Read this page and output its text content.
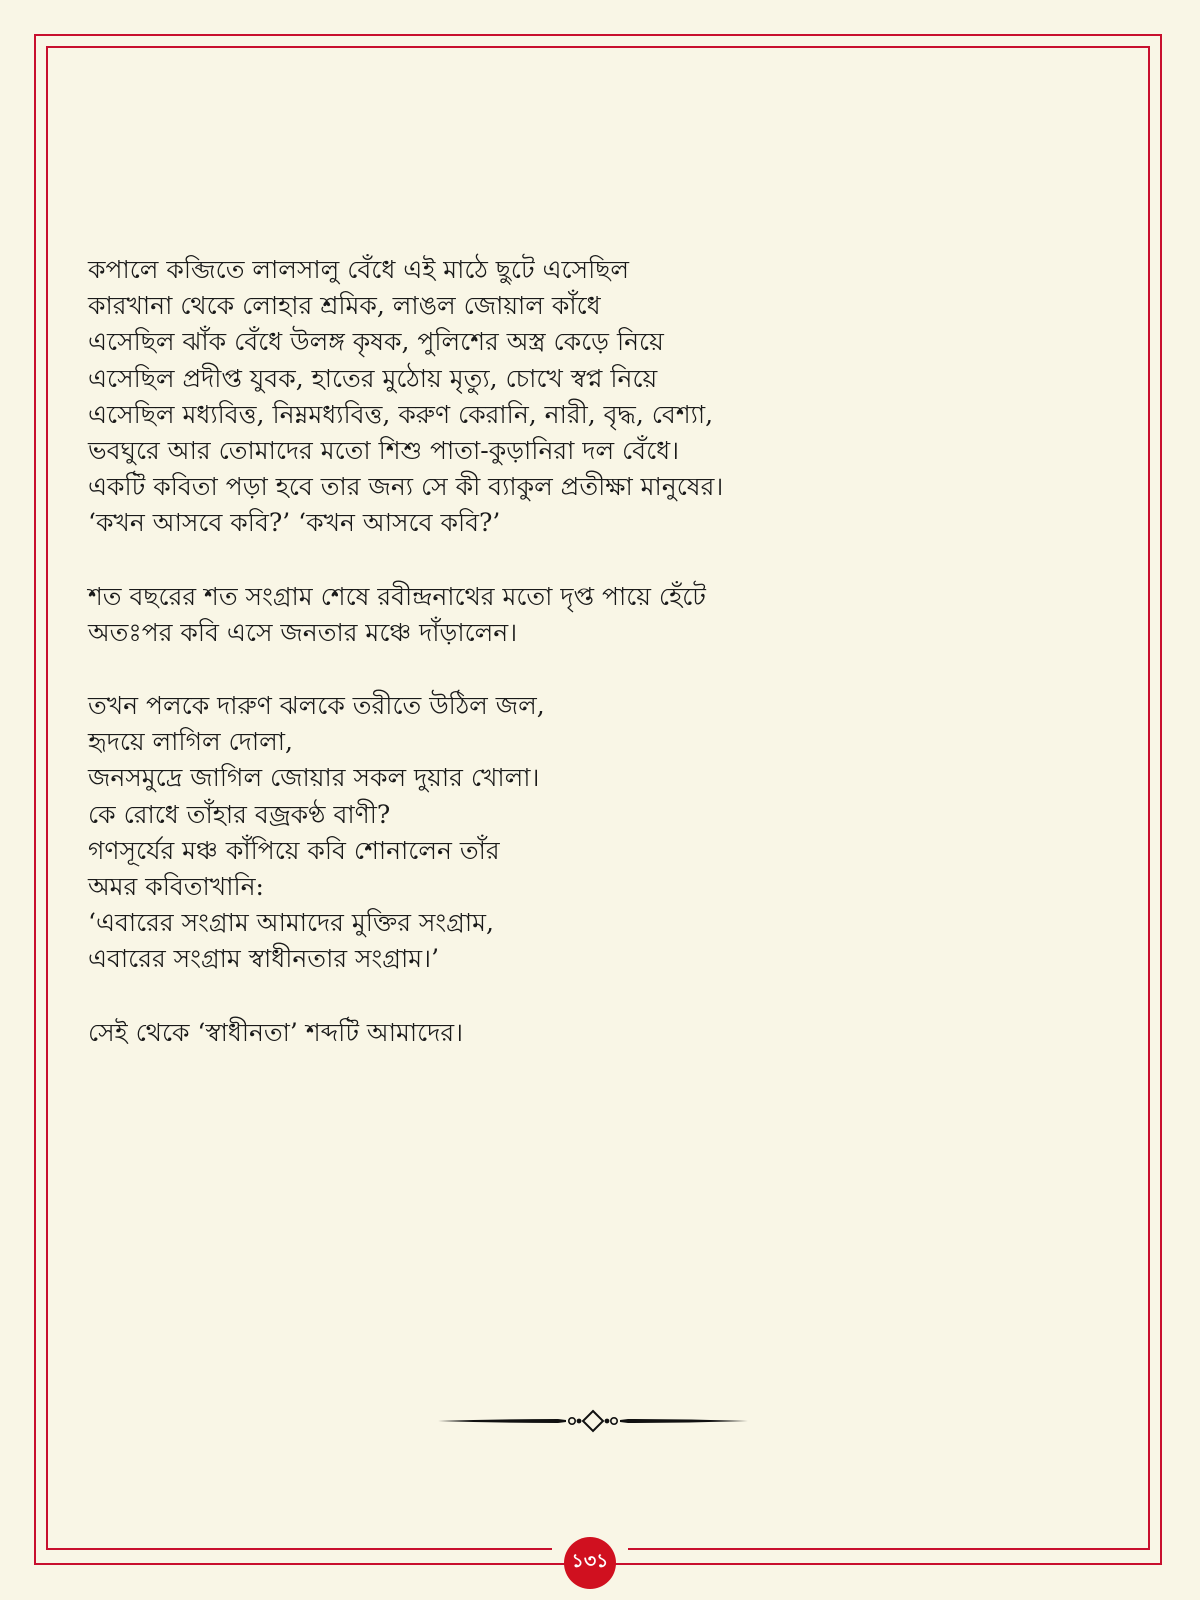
কপালে কব্জিতে লালসালু বেঁধে এই মাঠে ছুটে এসেছিল
কারখানা থেকে লোহার শ্রমিক, লাঙল জোয়াল কাঁধে
এসেছিল ঝাঁক বেঁধে উলঙ্গ কৃষক, পুলিশের অস্ত্র কেড়ে নিয়ে
এসেছিল প্রদীপ্ত যুবক, হাতের মুঠোয় মৃত্যু, চোখে স্বপ্ন নিয়ে
এসেছিল মধ্যবিত্ত, নিম্নমধ্যবিত্ত, করুণ কেরানি, নারী, বৃদ্ধ, বেশ্যা,
ভবঘুরে আর তোমাদের মতো শিশু পাতা-কুড়ানিরা দল বেঁধে।
একটি কবিতা পড়া হবে তার জন্য সে কী ব্যাকুল প্রতীক্ষা মানুষের।
‘কখন আসবে কবি?’ ‘কখন আসবে কবি?’
শত বছরের শত সংগ্রাম শেষে রবীন্দ্রনাথের মতো দৃপ্ত পায়ে হেঁটে
অতঃপর কবি এসে জনতার মঞ্চে দাঁড়ালেন।
তখন পলকে দারুণ ঝলকে তরীতে উঠিল জল,
হৃদয়ে লাগিল দোলা,
জনসমুদ্রে জাগিল জোয়ার সকল দুয়ার খোলা।
কে রোধে তাঁহার বজ্রকণ্ঠ বাণী?
গণসূর্যের মঞ্চ কাঁপিয়ে কবি শোনালেন তাঁর
অমর কবিতাখানি:
‘এবারের সংগ্রাম আমাদের মুক্তির সংগ্রাম,
এবারের সংগ্রাম স্বাধীনতার সংগ্রাম।’
সেই থেকে ‘স্বাধীনতা’ শব্দটি আমাদের।
১৩১
